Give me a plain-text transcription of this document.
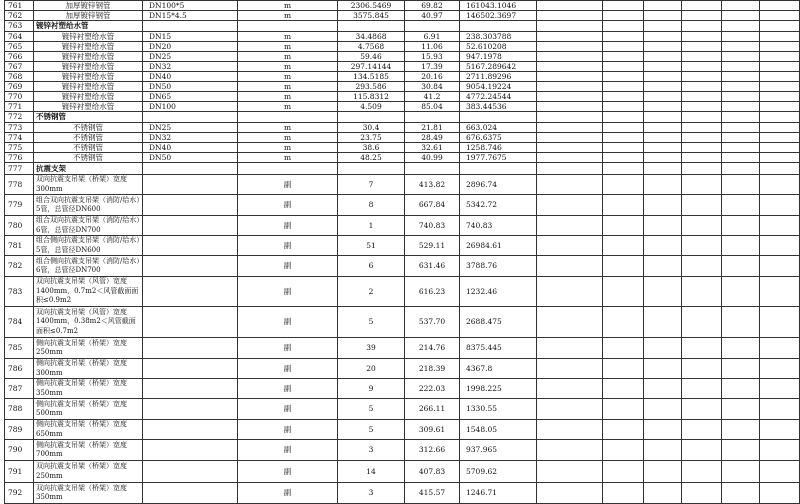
761	加厚镀锌钢管	DN100*5	m	2306.5469	69.82	161043.1046						
762	加厚镀锌钢管	DN15*4.5	m	3575.845	40.97	146502.3697						
763	镀锌衬塑给水管											
764	镀锌衬塑给水管	DN15	m	34.4868	6.91	238.303788						
765	镀锌衬塑给水管	DN20	m	4.7568	11.06	52.610208						
766	镀锌衬塑给水管	DN25	m	59.46	15.93	947.1978						
767	镀锌衬塑给水管	DN32	m	297.14144	17.39	5167.289642						
768	镀锌衬塑给水管	DN40	m	134.5185	20.16	2711.89296						
769	镀锌衬塑给水管	DN50	m	293.586	30.84	9054.19224						
770	镀锌衬塑给水管	DN65	m	115.8312	41.2	4772.24544						
771	镀锌衬塑给水管	DN100	m	4.509	85.04	383.44536						
772	不锈钢管											
773	不锈钢管	DN25	m	30.4	21.81	663.024						
774	不锈钢管	DN32	m	23.75	28.49	676.6375						
775	不锈钢管	DN40	m	38.6	32.61	1258.746						
776	不锈钢管	DN50	m	48.25	40.99	1977.7675						
777	抗震支架											
778	双向抗震支吊架（桥架）宽度300mm		副	7	413.82	2896.74						
779	组合双向抗震支吊架（消防/给水）5管，总管径DN600		副	8	667.84	5342.72						
780	组合双向抗震支吊架（消防/给水）6管，总管径DN700		副	1	740.83	740.83						
781	组合侧向抗震支吊架（消防/给水）5管，总管径DN600		副	51	529.11	26984.61						
782	组合侧向抗震支吊架（消防/给水）6管，总管径DN700		副	6	631.46	3788.76						
783	双向抗震支吊架（风管）宽度1400mm，0.7m2＜风管截面面积≤0.9m2		副	2	616.23	1232.46						
784	双向抗震支吊架（风管）宽度1400mm，0.38m2＜风管截面面积≤0.7m2		副	5	537.70	2688.475						
785	侧向抗震支吊架（桥架）宽度250mm		副	39	214.76	8375.445						
786	侧向抗震支吊架（桥架）宽度300mm		副	20	218.39	4367.8						
787	侧向抗震支吊架（桥架）宽度350mm		副	9	222.03	1998.225						
788	侧向抗震支吊架（桥架）宽度500mm		副	5	266.11	1330.55						
789	侧向抗震支吊架（桥架）宽度650mm		副	5	309.61	1548.05						
790	侧向抗震支吊架（桥架）宽度700mm		副	3	312.66	937.965						
791	双向抗震支吊架（桥架）宽度250mm		副	14	407.83	5709.62						
792	双向抗震支吊架（桥架）宽度350mm		副	3	415.57	1246.71						
